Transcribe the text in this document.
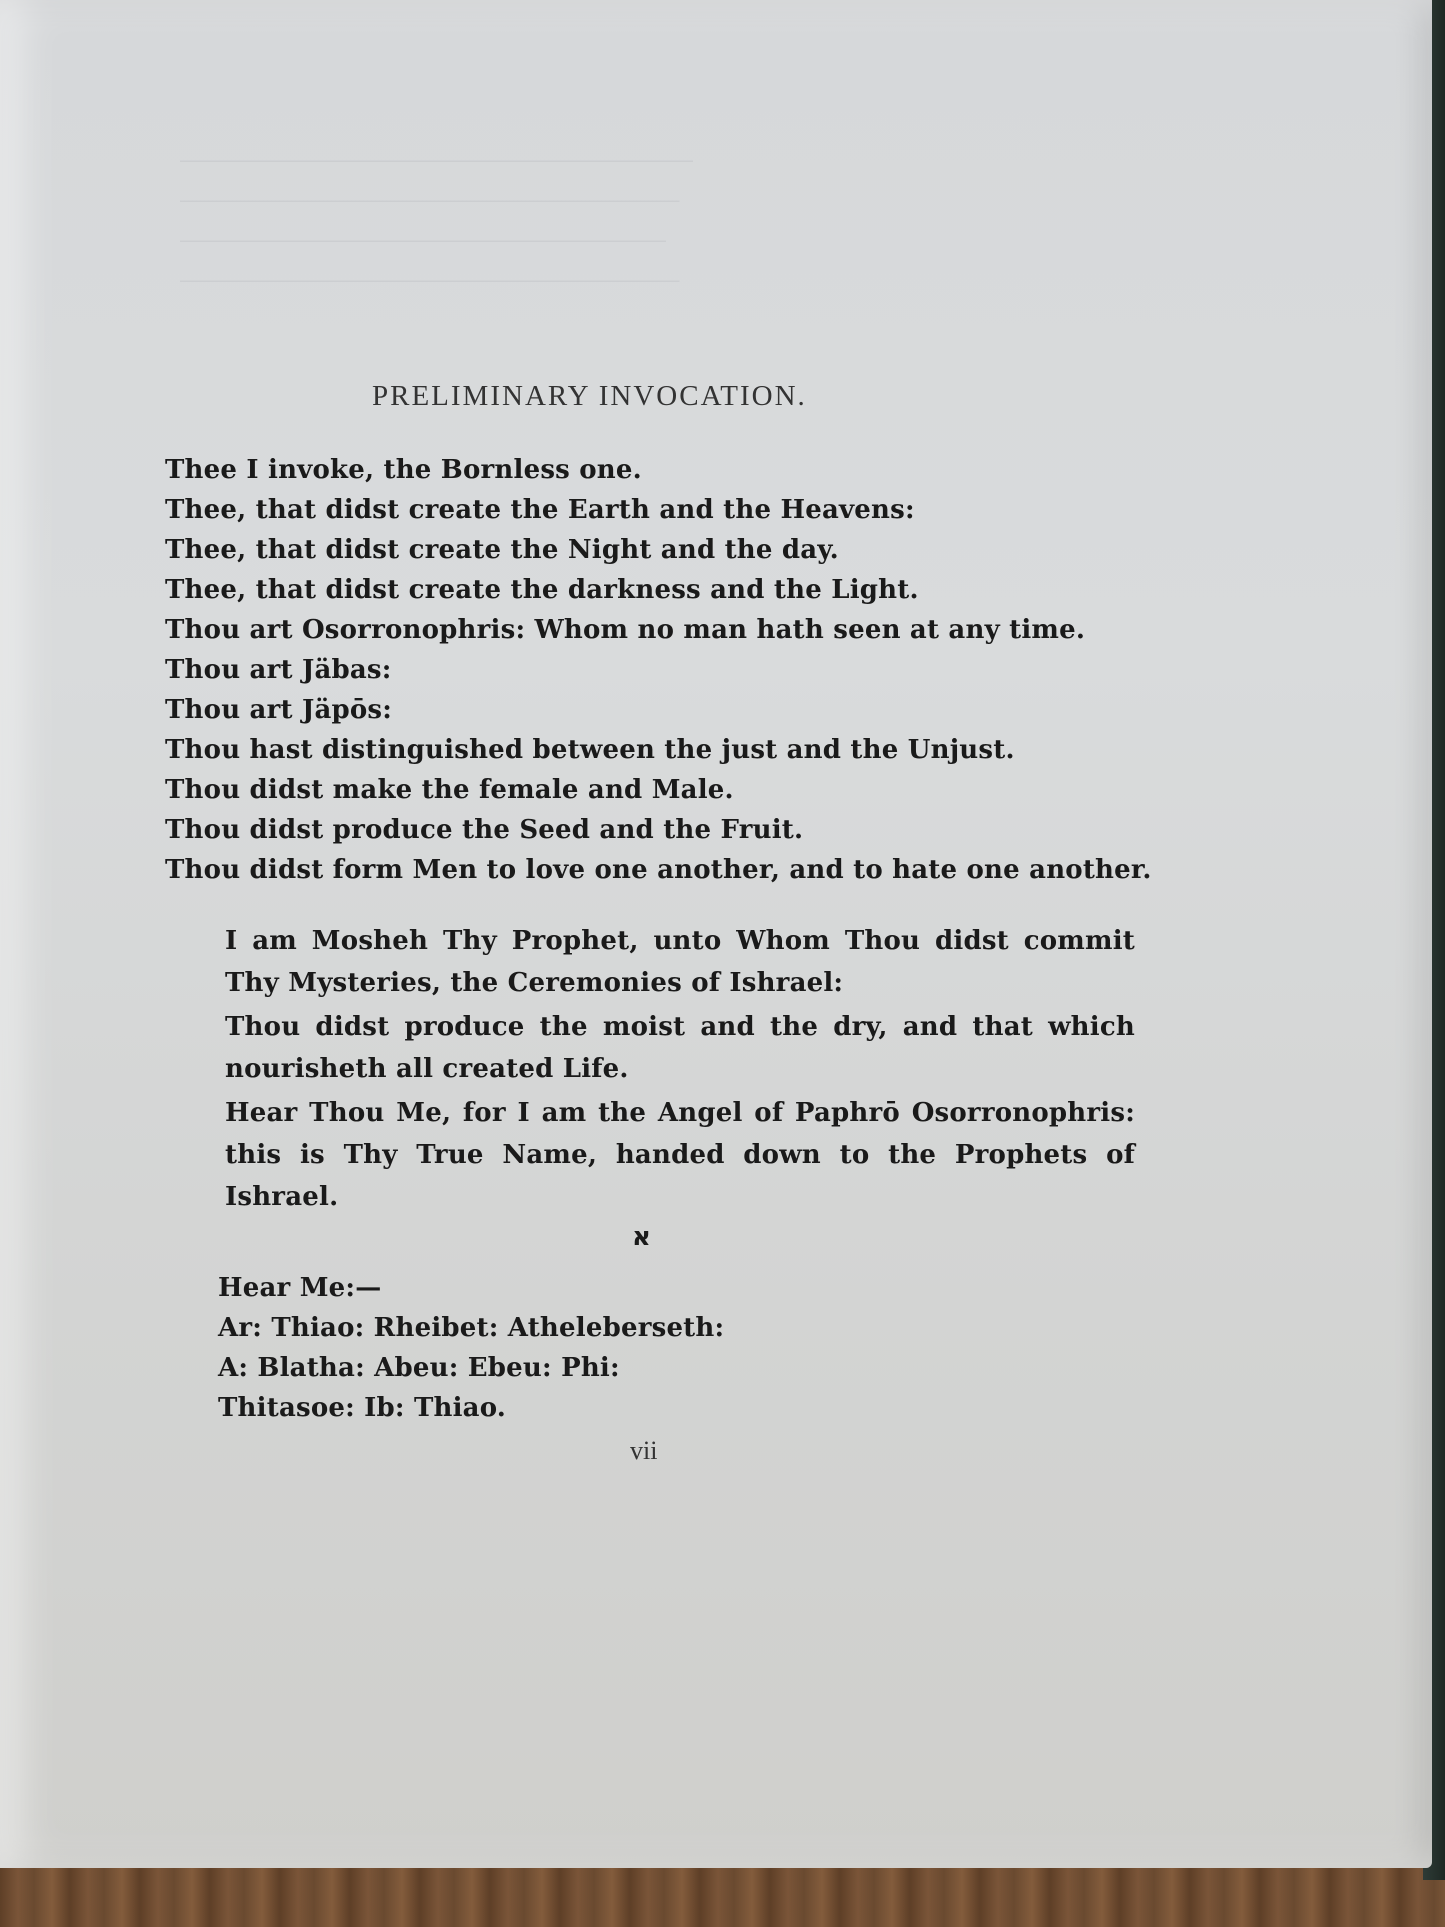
⎯⎯⎯⎯⎯⎯⎯⎯⎯⎯⎯⎯⎯⎯⎯⎯⎯⎯⎯⎯⎯⎯⎯⎯⎯⎯⎯⎯⎯⎯⎯⎯⎯⎯⎯⎯⎯⎯
⎯⎯⎯⎯⎯⎯⎯⎯⎯⎯⎯⎯⎯⎯⎯⎯⎯⎯⎯⎯⎯⎯⎯⎯⎯⎯⎯⎯⎯⎯⎯⎯⎯⎯⎯⎯⎯
⎯⎯⎯⎯⎯⎯⎯⎯⎯⎯⎯⎯⎯⎯⎯⎯⎯⎯⎯⎯⎯⎯⎯⎯⎯⎯⎯⎯⎯⎯⎯⎯⎯⎯⎯⎯
⎯⎯⎯⎯⎯⎯⎯⎯⎯⎯⎯⎯⎯⎯⎯⎯⎯⎯⎯⎯⎯⎯⎯⎯⎯⎯⎯⎯⎯⎯⎯⎯⎯⎯⎯⎯⎯
PRELIMINARY INVOCATION.
Thee I invoke, the Bornless one.
Thee, that didst create the Earth and the Heavens:
Thee, that didst create the Night and the day.
Thee, that didst create the darkness and the Light.
Thou art Osorronophris: Whom no man hath seen at any time.
Thou art Jäbas:
Thou art Jäpōs:
Thou hast distinguished between the just and the Unjust.
Thou didst make the female and Male.
Thou didst produce the Seed and the Fruit.
Thou didst form Men to love one another, and to hate one another.
I am Mosheh Thy Prophet, unto Whom Thou didst commit Thy Mysteries, the Ceremonies of Ishrael:
Thou didst produce the moist and the dry, and that which nourisheth all created Life.
Hear Thou Me, for I am the Angel of Paphrō Osorronophris: this is Thy True Name, handed down to the Prophets of Ishrael.
א
Hear Me:—
Ar: Thiao: Rheibet: Atheleberseth:
A: Blatha: Abeu: Ebeu: Phi:
Thitasoe: Ib: Thiao.
vii
